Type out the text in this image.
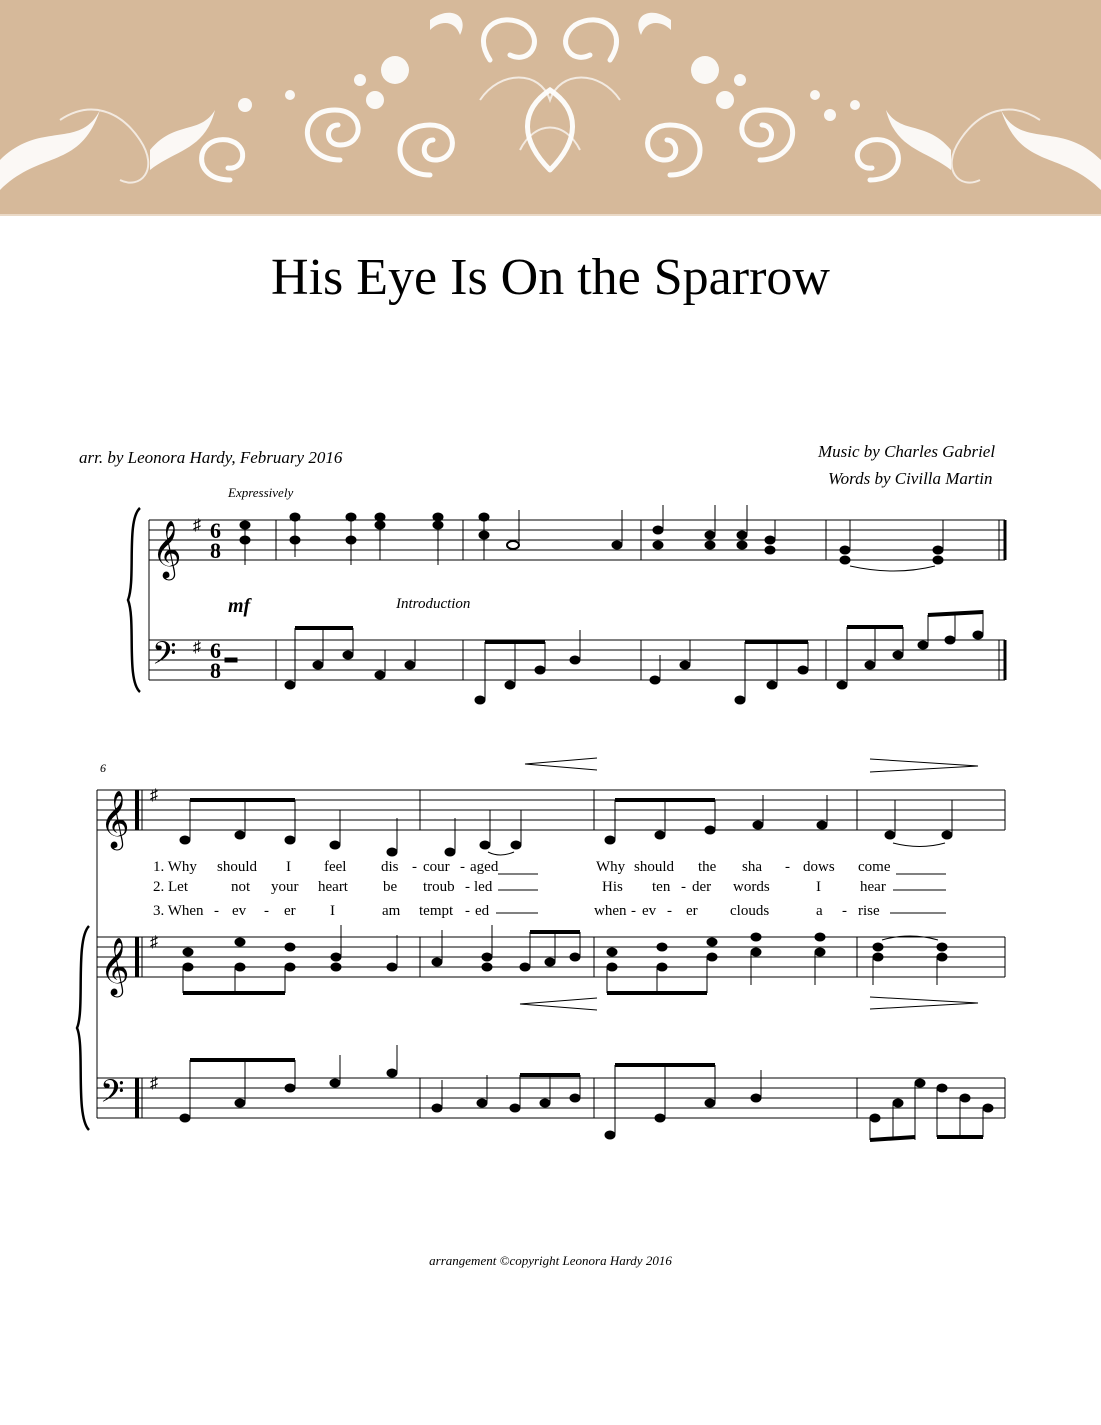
His Eye Is On the Sparrow
arr. by Leonora Hardy, February 2016	Music by Charles Gabriel
Words by Civilla Martin
𝄞
𝄢
𝄞
𝄞
𝄢
♯
♯
♯
♯
♯
6
8
6
8
Expressively
mf	Introduction
6
1. Why should I feel dis - cour - aged	Why should the sha - dows come
2. Let	not your heart be troub - led	His ten - der words	I	hear
3. When - ev - er I	am tempt - ed	when - ev - er clouds	a - rise
arrangement ©copyright Leonora Hardy 2016
